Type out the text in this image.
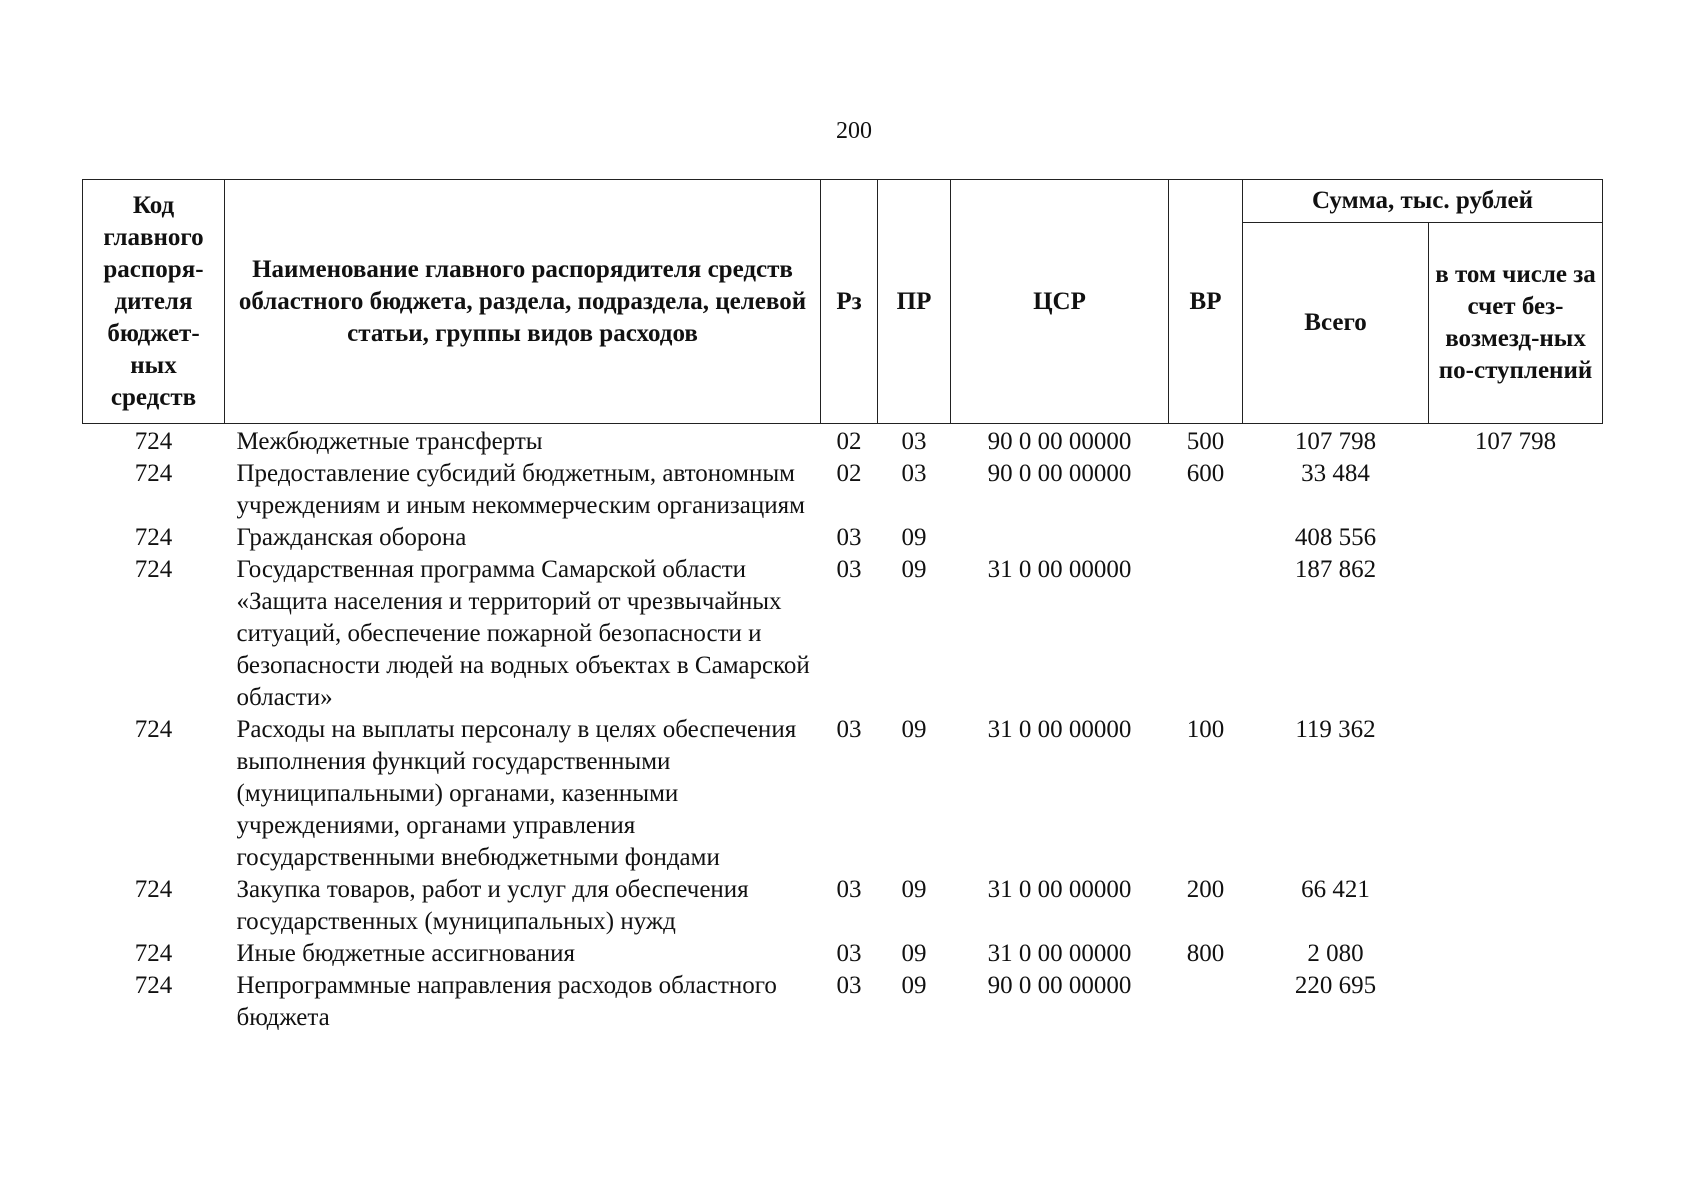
200
Код главного распоря-дителя бюджет-ных средств	Наименование главного распорядителя средств областного бюджета, раздела, подраздела, целевой статьи, группы видов расходов	Рз	ПР	ЦСР	ВР	Сумма, тыс. рублей	
						Всего	в том числе за счет без-возмезд-ных по-ступлений
724	Межбюджетные трансферты	02	03	90 0 00 00000	500	107 798	107 798
724	Предоставление субсидий бюджетным, автономным учреждениям и иным некоммерческим организациям	02	03	90 0 00 00000	600	33 484	
724	Гражданская оборона	03	09			408 556	
724	Государственная программа Самарской области «Защита населения и территорий от чрезвычайных ситуаций, обеспечение пожарной безопасности и безопасности людей на водных объектах в Самарской области»	03	09	31 0 00 00000		187 862	
724	Расходы на выплаты персоналу в целях обеспечения выполнения функций государственными (муниципальными) органами, казенными учреждениями, органами управления государственными внебюджетными фондами	03	09	31 0 00 00000	100	119 362	
724	Закупка товаров, работ и услуг для обеспечения государственных (муниципальных) нужд	03	09	31 0 00 00000	200	66 421	
724	Иные бюджетные ассигнования	03	09	31 0 00 00000	800	2 080	
724	Непрограммные направления расходов областного бюджета	03	09	90 0 00 00000		220 695	
